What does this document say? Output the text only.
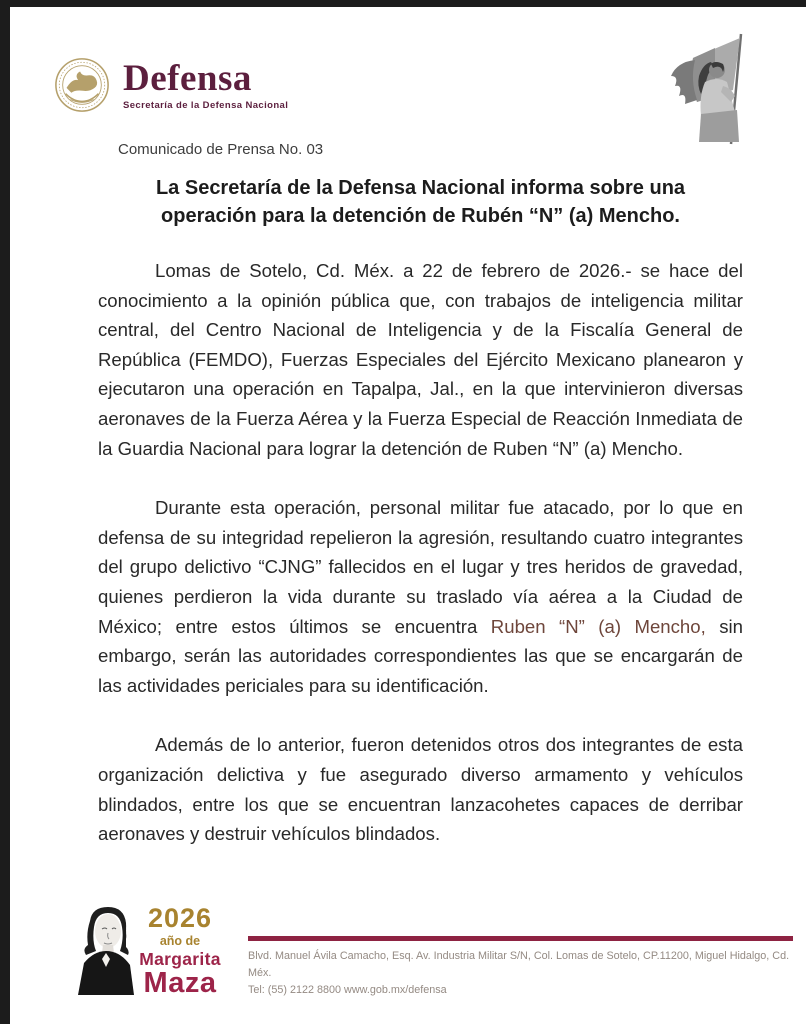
Defensa
Secretaría de la Defensa Nacional

Comunicado de Prensa No. 03

La Secretaría de la Defensa Nacional informa sobre una operación para la detención de Rubén “N” (a) Mencho.

Lomas de Sotelo, Cd. Méx. a 22 de febrero de 2026.- se hace del conocimiento a la opinión pública que, con trabajos de inteligencia militar central, del Centro Nacional de Inteligencia y de la Fiscalía General de República (FEMDO), Fuerzas Especiales del Ejército Mexicano planearon y ejecutaron una operación en Tapalpa, Jal., en la que intervinieron diversas aeronaves de la Fuerza Aérea y la Fuerza Especial de Reacción Inmediata de la Guardia Nacional para lograr la detención de Ruben “N” (a) Mencho.

Durante esta operación, personal militar fue atacado, por lo que en defensa de su integridad repelieron la agresión, resultando cuatro integrantes del grupo delictivo “CJNG” fallecidos en el lugar y tres heridos de gravedad, quienes perdieron la vida durante su traslado vía aérea a la Ciudad de México; entre estos últimos se encuentra Ruben “N” (a) Mencho, sin embargo, serán las autoridades correspondientes las que se encargarán de las actividades periciales para su identificación.

Además de lo anterior, fueron detenidos otros dos integrantes de esta organización delictiva y fue asegurado diverso armamento y vehículos blindados, entre los que se encuentran lanzacohetes capaces de derribar aeronaves y destruir vehículos blindados.

2026
año de
Margarita
Maza
Blvd. Manuel Ávila Camacho, Esq. Av. Industria Militar S/N, Col. Lomas de Sotelo, CP.11200, Miguel Hidalgo, Cd. Méx.
Tel: (55) 2122 8800 www.gob.mx/defensa
